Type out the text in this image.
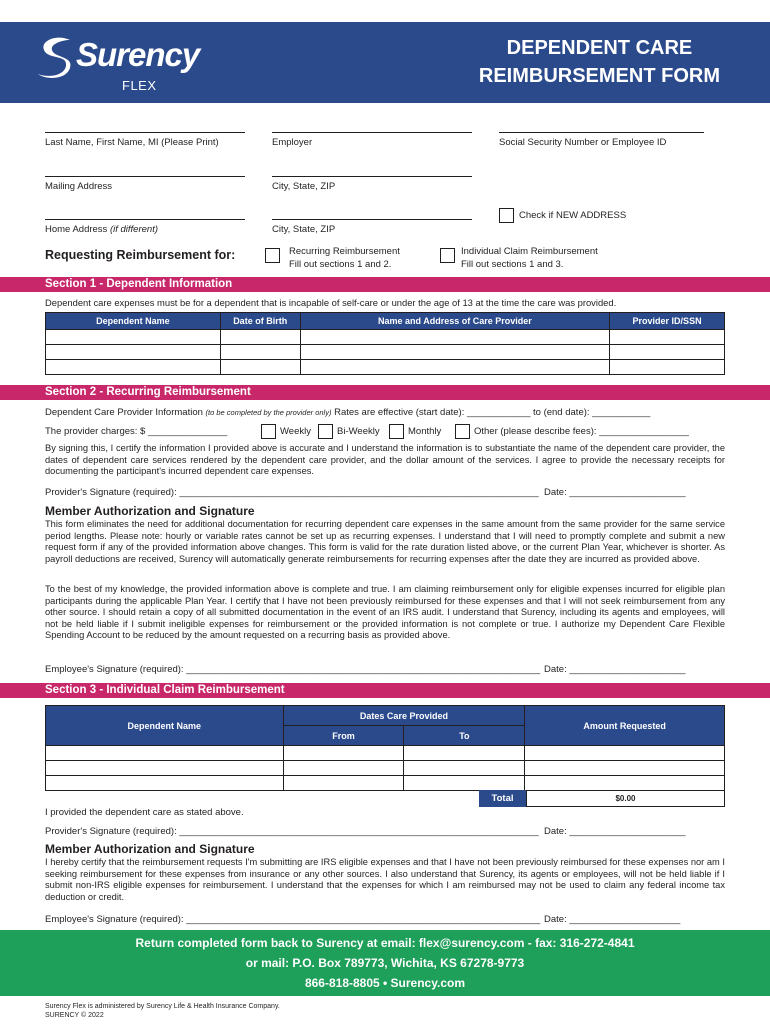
Surency
FLEX
DEPENDENT CARE
REIMBURSEMENT FORM
Last Name, First Name, MI (Please Print)	Employer	Social Security Number or Employee ID
Mailing Address	City, State, ZIP
Home Address (if different)	City, State, ZIP
Check if NEW ADDRESS
Requesting Reimbursement for:	Recurring Reimbursement
Fill out sections 1 and 2.
Individual Claim Reimbursement
Fill out sections 1 and 3.
Section 1 - Dependent Information
Dependent care expenses must be for a dependent that is incapable of self-care or under the age of 13 at the time the care was provided.
Dependent Name	Date of Birth	Name and Address of Care Provider	Provider ID/SSN

Section 2 - Recurring Reimbursement
Dependent Care Provider Information (to be completed by the provider only) Rates are effective (start date): ____________ to (end date): ___________
The provider charges: $ _______________	Weekly	Bi-Weekly	Monthly	Other (please describe fees): _________________
By signing this, I certify the information I provided above is accurate and I understand the information is to substantiate the name of the dependent care provider, the dates of dependent care services rendered by the dependent care provider, and the dollar amount of the services. I agree to provide the necessary receipts for documenting the participant's incurred dependent care expenses.
Provider's Signature (required): ____________________________________________________________________ Date: ______________________
Member Authorization and Signature
This form eliminates the need for additional documentation for recurring dependent care expenses in the same amount from the same provider for the same service period lengths. Please note: hourly or variable rates cannot be set up as recurring expenses. I understand that I will need to promptly complete and submit a new request form if any of the provided information above changes. This form is valid for the rate duration listed above, or the current Plan Year, whichever is shorter. As payroll deductions are received, Surency will automatically generate reimbursements for recurring expenses after the date they are incurred as provided above.
To the best of my knowledge, the provided information above is complete and true. I am claiming reimbursement only for eligible expenses incurred for eligible plan participants during the applicable Plan Year. I certify that I have not been previously reimbursed for these expenses and that I will not seek reimbursement from any other source. I should retain a copy of all submitted documentation in the event of an IRS audit. I understand that Surency, including its agents and employees, will not be held liable if I submit ineligible expenses for reimbursement or the provided information is not complete or true. I authorize my Dependent Care Flexible Spending Account to be reduced by the amount requested on a recurring basis as provided above.
Employee's Signature (required): ___________________________________________________________________ Date: ______________________
Section 3 - Individual Claim Reimbursement
Dependent Name	Dates Care Provided		Amount Requested
	From	To	

Total	$0.00
I provided the dependent care as stated above.
Provider's Signature (required): ____________________________________________________________________ Date: ______________________
Member Authorization and Signature
I hereby certify that the reimbursement requests I'm submitting are IRS eligible expenses and that I have not been previously reimbursed for these expenses nor am I seeking reimbursement for these expenses from insurance or any other sources. I also understand that Surency, its agents or employees, will not be held liable if I submit non-IRS eligible expenses for reimbursement. I understand that the expenses for which I am reimbursed may not be used to claim any federal income tax deduction or credit.
Employee's Signature (required): ___________________________________________________________________ Date: _____________________
Return completed form back to Surency at email: flex@surency.com - fax: 316-272-4841
or mail: P.O. Box 789773, Wichita, KS 67278-9773
866-818-8805 • Surency.com
Surency Flex is administered by Surency Life & Health Insurance Company.
SURENCY © 2022
